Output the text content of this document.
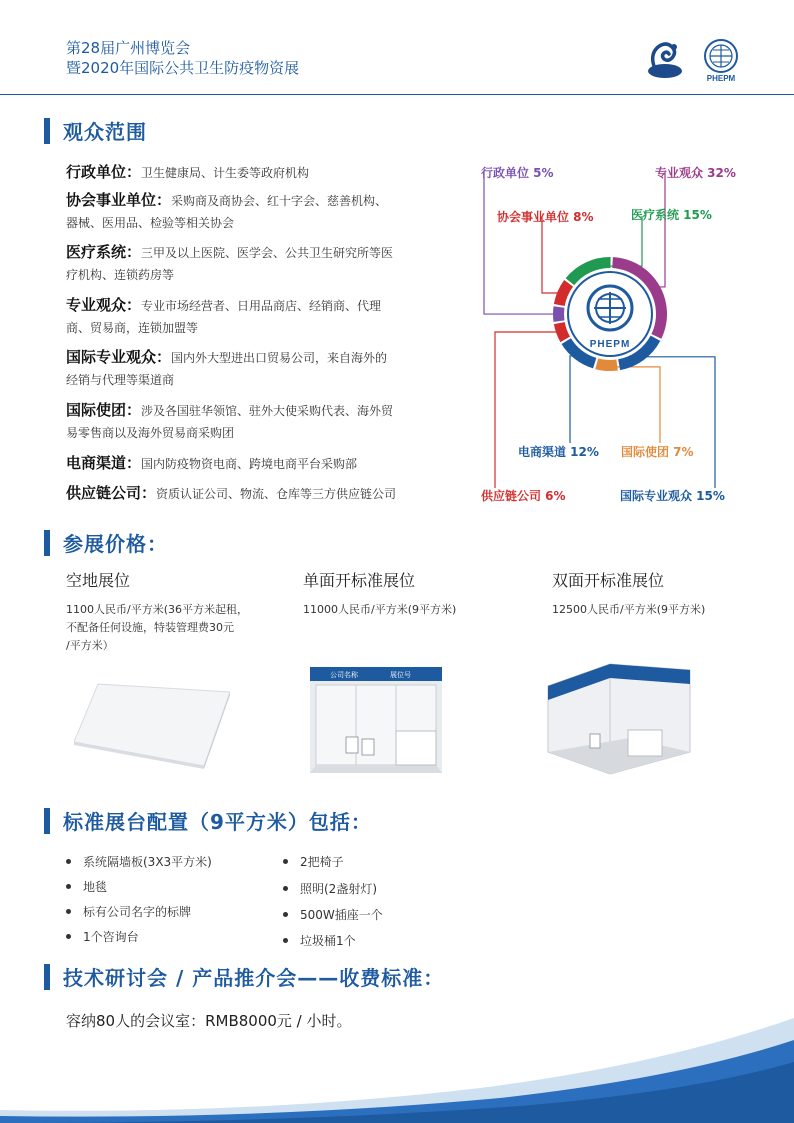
第28届广州博览会
暨2020年国际公共卫生防疫物资展
PHEPM
观众范围
行政单位：卫生健康局、计生委等政府机构
协会事业单位：采购商及商协会、红十字会、慈善机构、
器械、医用品、检验等相关协会
医疗系统：三甲及以上医院、医学会、公共卫生研究所等医
疗机构、连锁药房等
专业观众：专业市场经营者、日用品商店、经销商、代理
商、贸易商，连锁加盟等
国际专业观众：国内外大型进出口贸易公司，来自海外的
经销与代理等渠道商
国际使团：涉及各国驻华领馆、驻外大使采购代表、海外贸
易零售商以及海外贸易商采购团
电商渠道：国内防疫物资电商、跨境电商平台采购部
供应链公司：资质认证公司、物流、仓库等三方供应链公司
PHEPM
行政单位 5%	专业观众 32%
协会事业单位 8%	医疗系统 15%
电商渠道 12% 国际使团 7%
供应链公司 6%	国际专业观众 15%
参展价格：
空地展位
1100人民币/平方米(36平方米起租，
不配备任何设施，特装管理费30元
/平方米）
单面开标准展位
11000人民币/平方米(9平方米)
双面开标准展位
12500人民币/平方米(9平方米)
公司名称	展位号
标准展台配置（9平方米）包括：
系统隔墙板(3X3平方米)
地毯
标有公司名字的标牌
1个咨询台
2把椅子
照明(2盏射灯)
500W插座一个
垃圾桶1个
技术研讨会 / 产品推介会——收费标准：
容纳80人的会议室：RMB8000元 / 小时。
